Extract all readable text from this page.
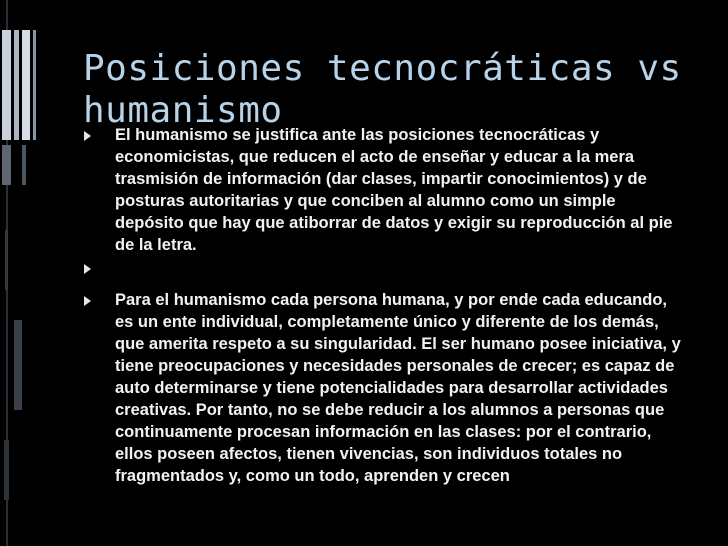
Posiciones tecnocráticas vs humanismo
El humanismo se justifica ante las posiciones tecnocráticas y economicistas, que reducen el acto de enseñar y educar a la mera trasmisión de información (dar clases, impartir conocimientos) y de posturas autoritarias y que conciben al alumno como un simple depósito que hay que atiborrar de datos y exigir su reproducción al pie de la letra.
Para el humanismo cada persona humana, y por ende cada educando, es un ente individual, completamente único y diferente de los demás, que amerita respeto a su singularidad. El ser humano posee iniciativa, y tiene preocupaciones y necesidades personales de crecer; es capaz de auto determinarse y tiene potencialidades para desarrollar actividades creativas. Por tanto, no se debe reducir a los alumnos a personas que continuamente procesan información en las clases: por el contrario, ellos poseen afectos, tienen vivencias, son individuos totales no fragmentados y, como un todo, aprenden y crecen
